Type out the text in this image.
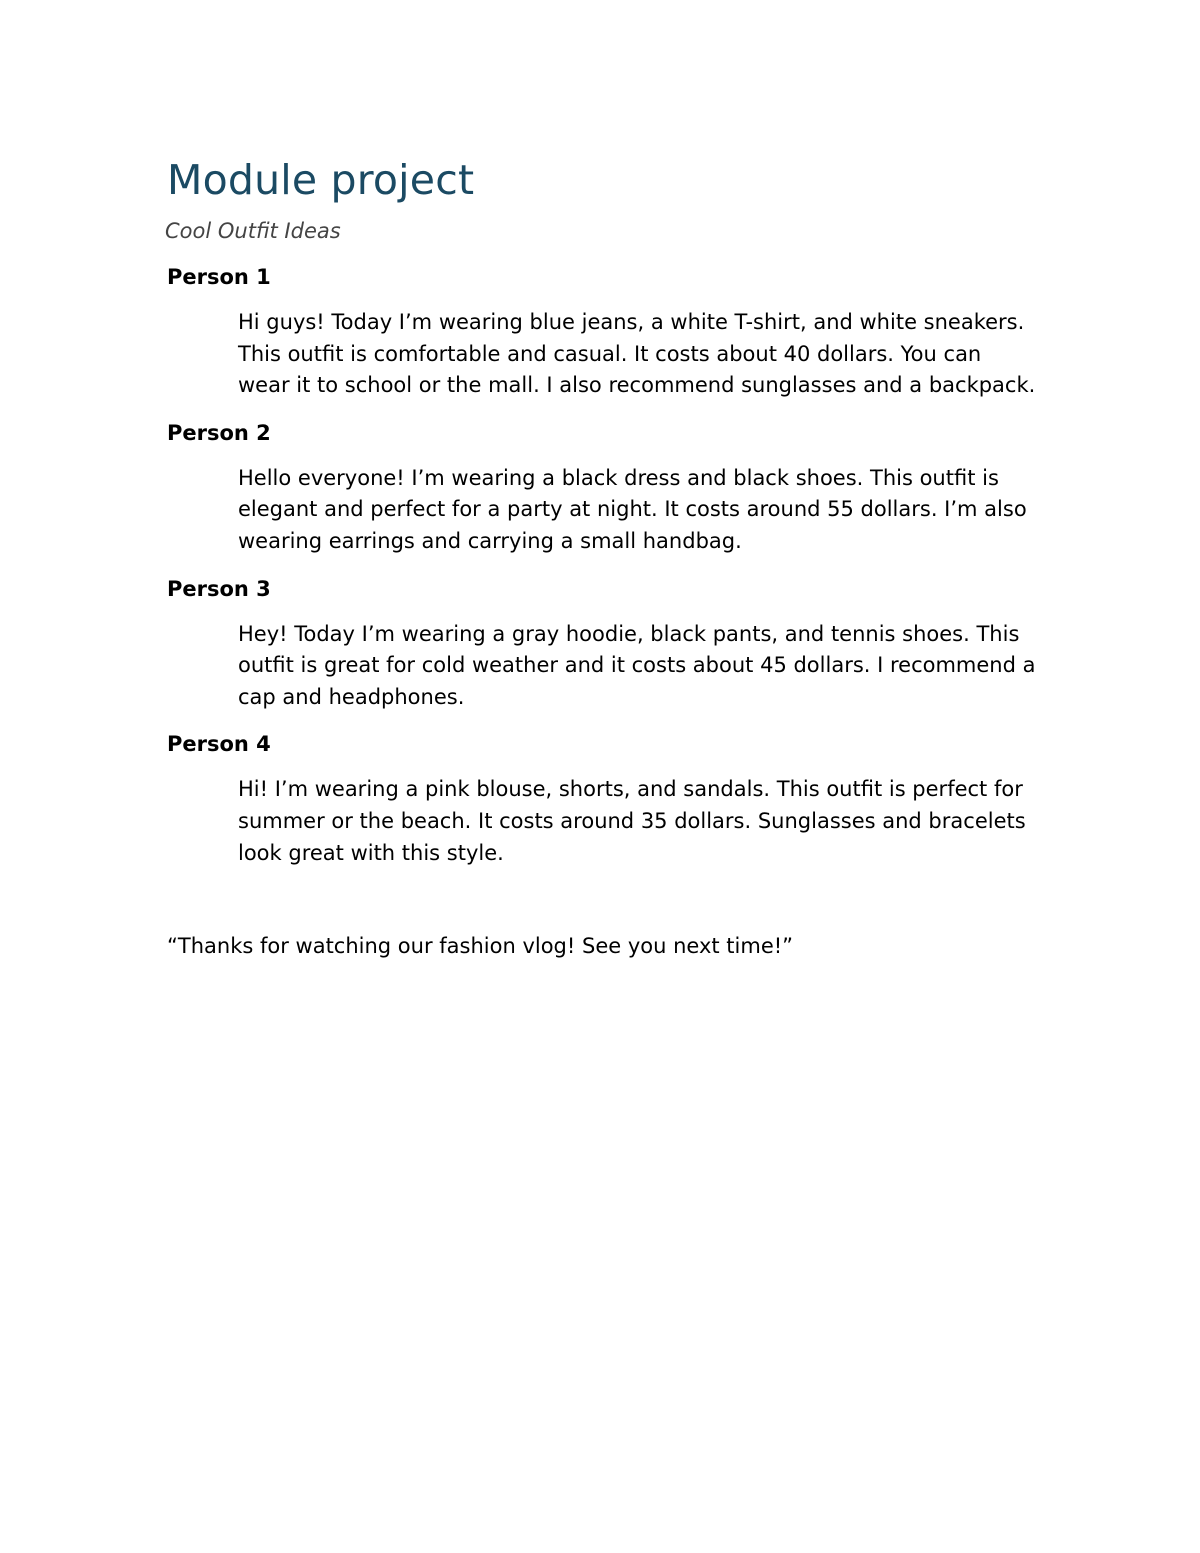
Module project
Cool Outfit Ideas
Person 1
Hi guys! Today I’m wearing blue jeans, a white T-shirt, and white sneakers. This outfit is comfortable and casual. It costs about 40 dollars. You can wear it to school or the mall. I also recommend sunglasses and a backpack.
Person 2
Hello everyone! I’m wearing a black dress and black shoes. This outfit is elegant and perfect for a party at night. It costs around 55 dollars. I’m also wearing earrings and carrying a small handbag.
Person 3
Hey! Today I’m wearing a gray hoodie, black pants, and tennis shoes. This outfit is great for cold weather and it costs about 45 dollars. I recommend a cap and headphones.
Person 4
Hi! I’m wearing a pink blouse, shorts, and sandals. This outfit is perfect for summer or the beach. It costs around 35 dollars. Sunglasses and bracelets look great with this style.
“Thanks for watching our fashion vlog! See you next time!”
